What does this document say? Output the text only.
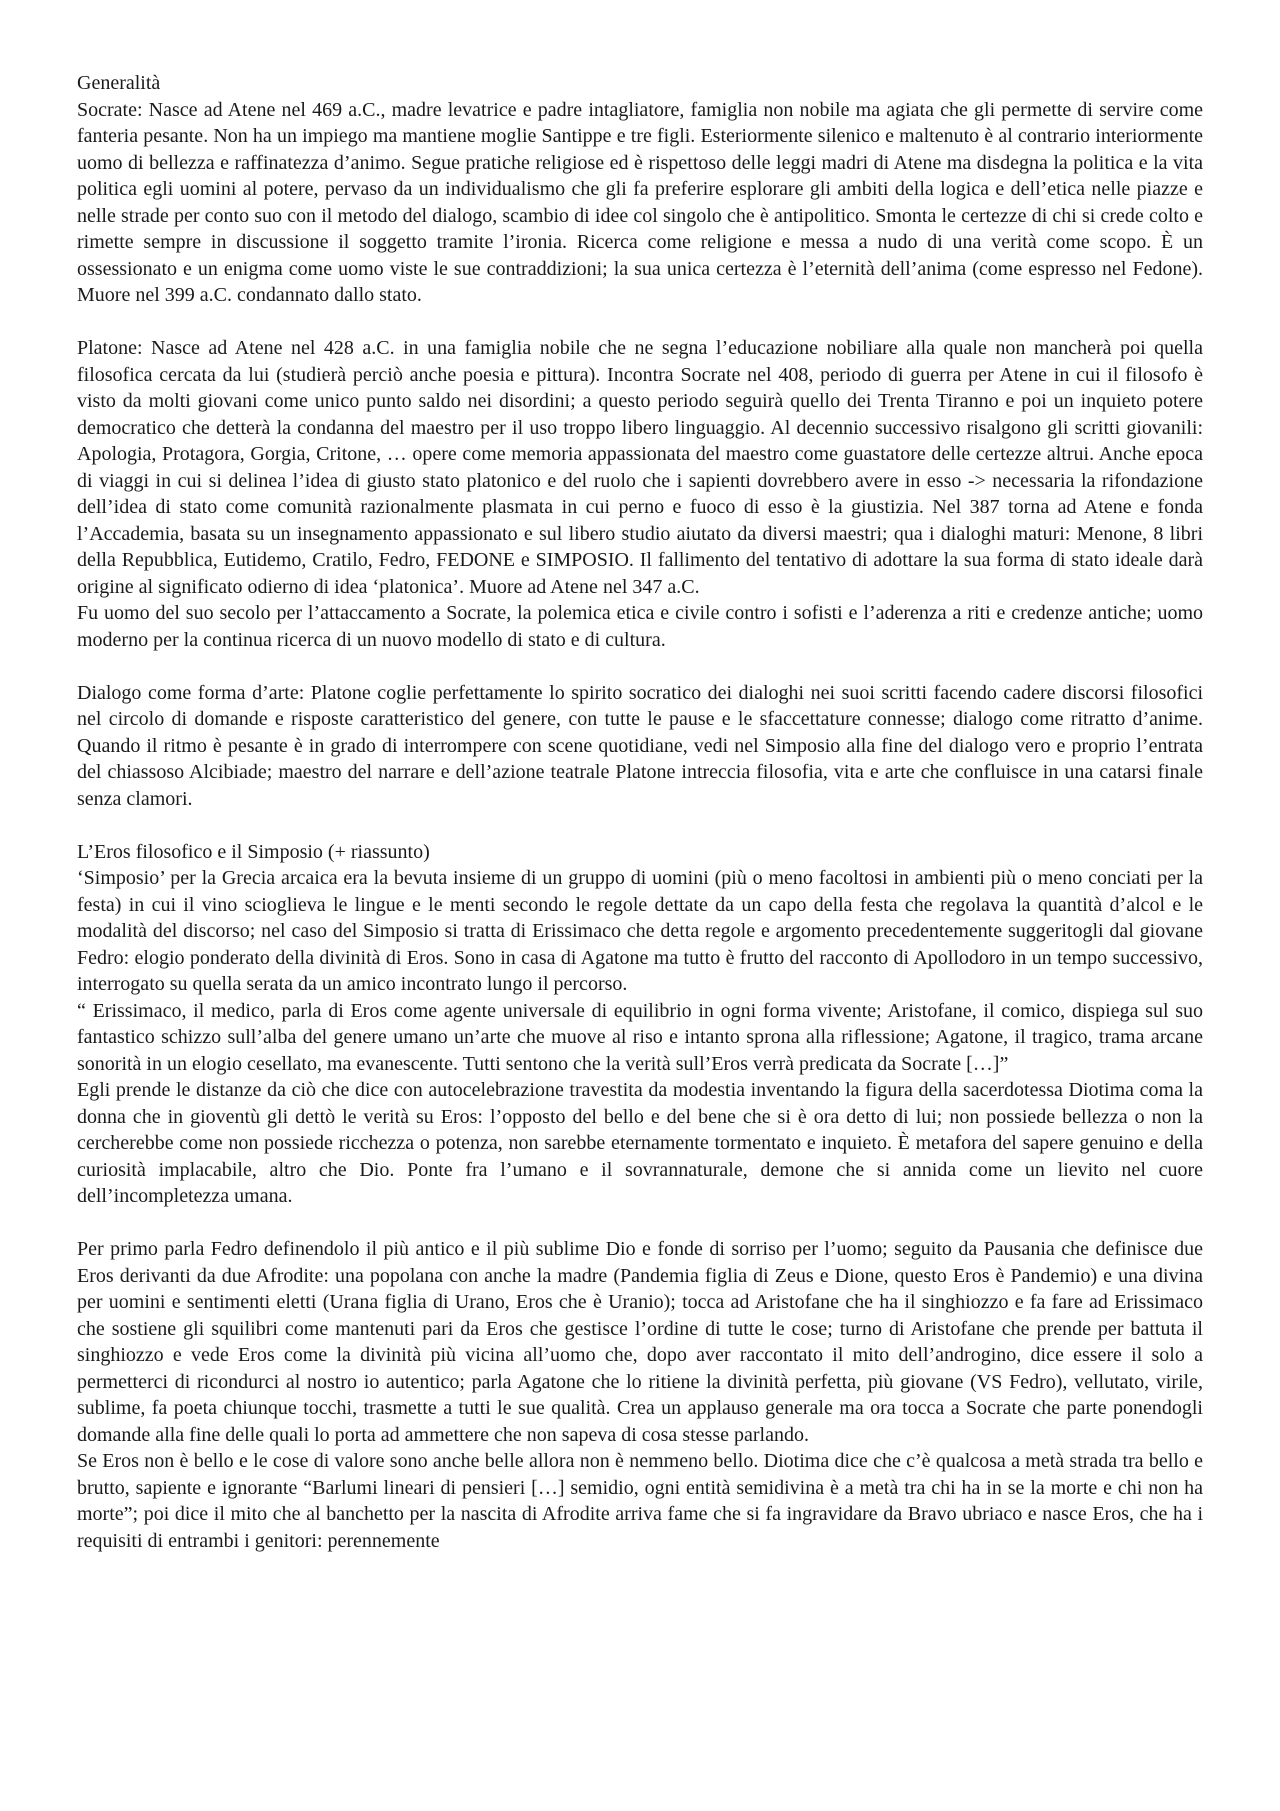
Generalità

Socrate: Nasce ad Atene nel 469 a.C., madre levatrice e padre intagliatore, famiglia non nobile ma agiata che gli permette di servire come fanteria pesante. Non ha un impiego ma mantiene moglie Santippe e tre figli. Esteriormente silenico e maltenuto è al contrario interiormente uomo di bellezza e raffinatezza d’animo. Segue pratiche religiose ed è rispettoso delle leggi madri di Atene ma disdegna la politica e la vita politica egli uomini al potere, pervaso da un individualismo che gli fa preferire esplorare gli ambiti della logica e dell’etica nelle piazze e nelle strade per conto suo con il metodo del dialogo, scambio di idee col singolo che è antipolitico. Smonta le certezze di chi si crede colto e rimette sempre in discussione il soggetto tramite l’ironia. Ricerca come religione e messa a nudo di una verità come scopo. È un ossessionato e un enigma come uomo viste le sue contraddizioni; la sua unica certezza è l’eternità dell’anima (come espresso nel Fedone). Muore nel 399 a.C. condannato dallo stato.

Platone: Nasce ad Atene nel 428 a.C. in una famiglia nobile che ne segna l’educazione nobiliare alla quale non mancherà poi quella filosofica cercata da lui (studierà perciò anche poesia e pittura). Incontra Socrate nel 408, periodo di guerra per Atene in cui il filosofo è visto da molti giovani come unico punto saldo nei disordini; a questo periodo seguirà quello dei Trenta Tiranno e poi un inquieto potere democratico che detterà la condanna del maestro per il uso troppo libero linguaggio. Al decennio successivo risalgono gli scritti giovanili: Apologia, Protagora, Gorgia, Critone, … opere come memoria appassionata del maestro come guastatore delle certezze altrui. Anche epoca di viaggi in cui si delinea l’idea di giusto stato platonico e del ruolo che i sapienti dovrebbero avere in esso -> necessaria la rifondazione dell’idea di stato come comunità razionalmente plasmata in cui perno e fuoco di esso è la giustizia. Nel 387 torna ad Atene e fonda l’Accademia, basata su un insegnamento appassionato e sul libero studio aiutato da diversi maestri; qua i dialoghi maturi: Menone, 8 libri della Repubblica, Eutidemo, Cratilo, Fedro, FEDONE e SIMPOSIO. Il fallimento del tentativo di adottare la sua forma di stato ideale darà origine al significato odierno di idea ‘platonica’. Muore ad Atene nel 347 a.C.

Fu uomo del suo secolo per l’attaccamento a Socrate, la polemica etica e civile contro i sofisti e l’aderenza a riti e credenze antiche; uomo moderno per la continua ricerca di un nuovo modello di stato e di cultura.

Dialogo come forma d’arte: Platone coglie perfettamente lo spirito socratico dei dialoghi nei suoi scritti facendo cadere discorsi filosofici nel circolo di domande e risposte caratteristico del genere, con tutte le pause e le sfaccettature connesse; dialogo come ritratto d’anime. Quando il ritmo è pesante è in grado di interrompere con scene quotidiane, vedi nel Simposio alla fine del dialogo vero e proprio l’entrata del chiassoso Alcibiade; maestro del narrare e dell’azione teatrale Platone intreccia filosofia, vita e arte che confluisce in una catarsi finale senza clamori.

L’Eros filosofico e il Simposio (+ riassunto)

‘Simposio’ per la Grecia arcaica era la bevuta insieme di un gruppo di uomini (più o meno facoltosi in ambienti più o meno conciati per la festa) in cui il vino scioglieva le lingue e le menti secondo le regole dettate da un capo della festa che regolava la quantità d’alcol e le modalità del discorso; nel caso del Simposio si tratta di Erissimaco che detta regole e argomento precedentemente suggeritogli dal giovane Fedro: elogio ponderato della divinità di Eros. Sono in casa di Agatone ma tutto è frutto del racconto di Apollodoro in un tempo successivo, interrogato su quella serata da un amico incontrato lungo il percorso.

“ Erissimaco, il medico, parla di Eros come agente universale di equilibrio in ogni forma vivente; Aristofane, il comico, dispiega sul suo fantastico schizzo sull’alba del genere umano un’arte che muove al riso e intanto sprona alla riflessione; Agatone, il tragico, trama arcane sonorità in un elogio cesellato, ma evanescente. Tutti sentono che la verità sull’Eros verrà predicata da Socrate […]”

Egli prende le distanze da ciò che dice con autocelebrazione travestita da modestia inventando la figura della sacerdotessa Diotima coma la donna che in gioventù gli dettò le verità su Eros: l’opposto del bello e del bene che si è ora detto di lui; non possiede bellezza o non la cercherebbe come non possiede ricchezza o potenza, non sarebbe eternamente tormentato e inquieto. È metafora del sapere genuino e della curiosità implacabile, altro che Dio. Ponte fra l’umano e il sovrannaturale, demone che si annida come un lievito nel cuore dell’incompletezza umana.

Per primo parla Fedro definendolo il più antico e il più sublime Dio e fonde di sorriso per l’uomo; seguito da Pausania che definisce due Eros derivanti da due Afrodite: una popolana con anche la madre (Pandemia figlia di Zeus e Dione, questo Eros è Pandemio) e una divina per uomini e sentimenti eletti (Urana figlia di Urano, Eros che è Uranio); tocca ad Aristofane che ha il singhiozzo e fa fare ad Erissimaco che sostiene gli squilibri come mantenuti pari da Eros che gestisce l’ordine di tutte le cose; turno di Aristofane che prende per battuta il singhiozzo e vede Eros come la divinità più vicina all’uomo che, dopo aver raccontato il mito dell’androgino, dice essere il solo a permetterci di ricondurci al nostro io autentico; parla Agatone che lo ritiene la divinità perfetta, più giovane (VS Fedro), vellutato, virile, sublime, fa poeta chiunque tocchi, trasmette a tutti le sue qualità. Crea un applauso generale ma ora tocca a Socrate che parte ponendogli domande alla fine delle quali lo porta ad ammettere che non sapeva di cosa stesse parlando.

Se Eros non è bello e le cose di valore sono anche belle allora non è nemmeno bello. Diotima dice che c’è qualcosa a metà strada tra bello e brutto, sapiente e ignorante “Barlumi lineari di pensieri […] semidio, ogni entità semidivina è a metà tra chi ha in se la morte e chi non ha morte”; poi dice il mito che al banchetto per la nascita di Afrodite arriva fame che si fa ingravidare da Bravo ubriaco e nasce Eros, che ha i requisiti di entrambi i genitori: perennemente
